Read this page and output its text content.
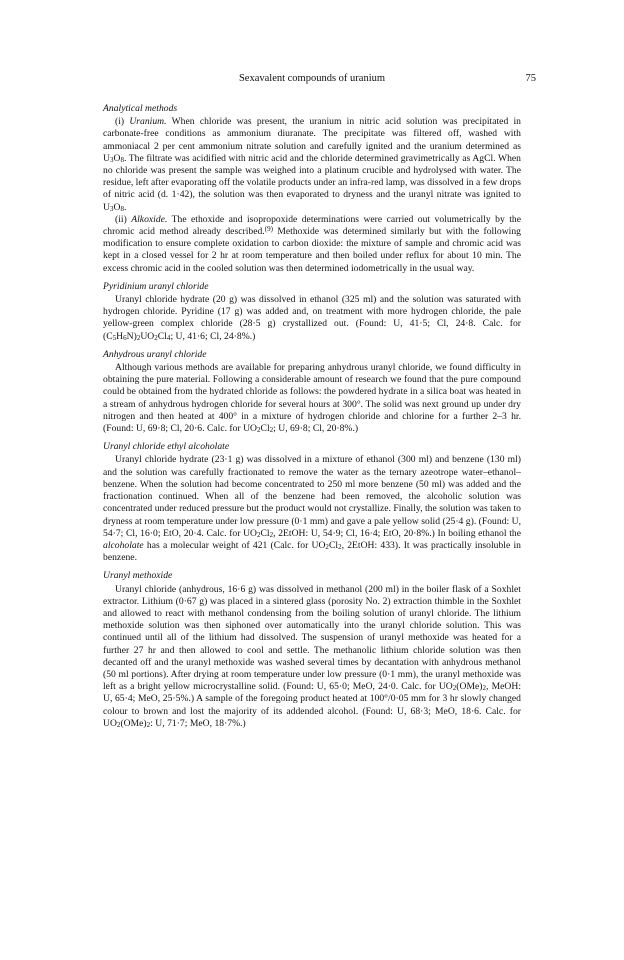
Sexavalent compounds of uranium	75
Analytical methods

(i) Uranium. When chloride was present, the uranium in nitric acid solution was precipitated in carbonate-free conditions as ammonium diuranate. The precipitate was filtered off, washed with ammoniacal 2 per cent ammonium nitrate solution and carefully ignited and the uranium determined as $U_3O_8$. The filtrate was acidified with nitric acid and the chloride determined gravimetrically as AgCl. When no chloride was present the sample was weighed into a platinum crucible and hydrolysed with water. The residue, left after evaporating off the volatile products under an infra-red lamp, was dissolved in a few drops of nitric acid (d. 1·42), the solution was then evaporated to dryness and the uranyl nitrate was ignited to $U_3O_8$.

(ii) Alkoxide. The ethoxide and isopropoxide determinations were carried out volumetrically by the chromic acid method already described.$^{(9)}$ Methoxide was determined similarly but with the following modification to ensure complete oxidation to carbon dioxide: the mixture of sample and chromic acid was kept in a closed vessel for 2 hr at room temperature and then boiled under reflux for about 10 min. The excess chromic acid in the cooled solution was then determined iodometrically in the usual way.

Pyridinium uranyl chloride

Uranyl chloride hydrate (20 g) was dissolved in ethanol (325 ml) and the solution was saturated with hydrogen chloride. Pyridine (17 g) was added and, on treatment with more hydrogen chloride, the pale yellow-green complex chloride (28·5 g) crystallized out. (Found: U, 41·5; Cl, 24·8. Calc. for $(C_5H_6N)_2UO_2Cl_4$; U, 41·6; Cl, 24·8%.)

Anhydrous uranyl chloride

Although various methods are available for preparing anhydrous uranyl chloride, we found difficulty in obtaining the pure material. Following a considerable amount of research we found that the pure compound could be obtained from the hydrated chloride as follows: the powdered hydrate in a silica boat was heated in a stream of anhydrous hydrogen chloride for several hours at 300°. The solid was next ground up under dry nitrogen and then heated at 400° in a mixture of hydrogen chloride and chlorine for a further 2–3 hr. (Found: U, 69·8; Cl, 20·6. Calc. for $UO_2Cl_2$; U, 69·8; Cl, 20·8%.)

Uranyl chloride ethyl alcoholate

Uranyl chloride hydrate (23·1 g) was dissolved in a mixture of ethanol (300 ml) and benzene (130 ml) and the solution was carefully fractionated to remove the water as the ternary azeotrope water–ethanol–benzene. When the solution had become concentrated to 250 ml more benzene (50 ml) was added and the fractionation continued. When all of the benzene had been removed, the alcoholic solution was concentrated under reduced pressure but the product would not crystallize. Finally, the solution was taken to dryness at room temperature under low pressure (0·1 mm) and gave a pale yellow solid (25·4 g). (Found: U, 54·7; Cl, 16·0; EtO, 20·4. Calc. for $UO_2Cl_2$, 2EtOH: U, 54·9; Cl, 16·4; EtO, 20·8%.) In boiling ethanol the alcoholate has a molecular weight of 421 (Calc. for $UO_2Cl_2$, 2EtOH: 433). It was practically insoluble in benzene.

Uranyl methoxide

Uranyl chloride (anhydrous, 16·6 g) was dissolved in methanol (200 ml) in the boiler flask of a Soxhlet extractor. Lithium (0·67 g) was placed in a sintered glass (porosity No. 2) extraction thimble in the Soxhlet and allowed to react with methanol condensing from the boiling solution of uranyl chloride. The lithium methoxide solution was then siphoned over automatically into the uranyl chloride solution. This was continued until all of the lithium had dissolved. The suspension of uranyl methoxide was heated for a further 27 hr and then allowed to cool and settle. The methanolic lithium chloride solution was then decanted off and the uranyl methoxide was washed several times by decantation with anhydrous methanol (50 ml portions). After drying at room temperature under low pressure (0·1 mm), the uranyl methoxide was left as a bright yellow microcrystalline solid. (Found: U, 65·0; MeO, 24·0. Calc. for $UO_2(OMe)_2$, MeOH: U, 65·4; MeO, 25·5%.) A sample of the foregoing product heated at 100°/0·05 mm for 3 hr slowly changed colour to brown and lost the majority of its addended alcohol. (Found: U, 68·3; MeO, 18·6. Calc. for $UO_2(OMe)_2$: U, 71·7; MeO, 18·7%.)
